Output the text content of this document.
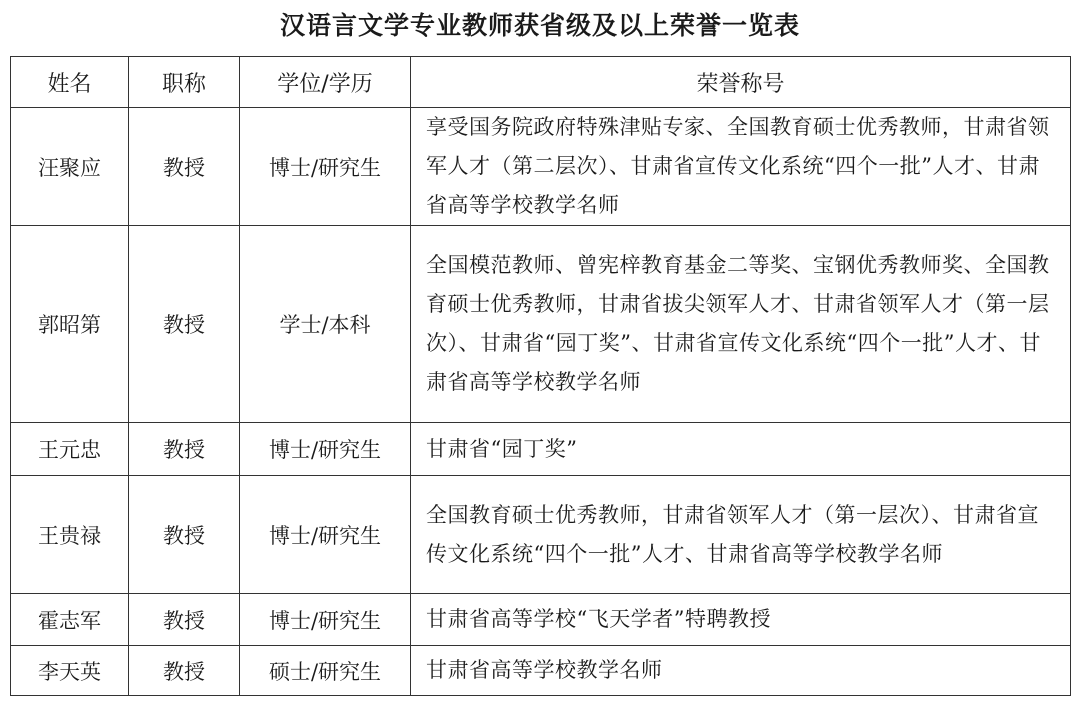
汉语言文学专业教师获省级及以上荣誉一览表
姓名	职称	学位/学历	荣誉称号
汪聚应	教授	博士/研究生	享受国务院政府特殊津贴专家、全国教育硕士优秀教师，甘肃省领军人才（第二层次）、甘肃省宣传文化系统“四个一批”人才、甘肃省高等学校教学名师
郭昭第	教授	学士/本科	全国模范教师、曾宪梓教育基金二等奖、宝钢优秀教师奖、全国教育硕士优秀教师，甘肃省拔尖领军人才、甘肃省领军人才（第一层次）、甘肃省“园丁奖”、甘肃省宣传文化系统“四个一批”人才、甘肃省高等学校教学名师
王元忠	教授	博士/研究生	甘肃省“园丁奖”
王贵禄	教授	博士/研究生	全国教育硕士优秀教师，甘肃省领军人才（第一层次）、甘肃省宣传文化系统“四个一批”人才、甘肃省高等学校教学名师
霍志军	教授	博士/研究生	甘肃省高等学校“飞天学者”特聘教授
李天英	教授	硕士/研究生	甘肃省高等学校教学名师
